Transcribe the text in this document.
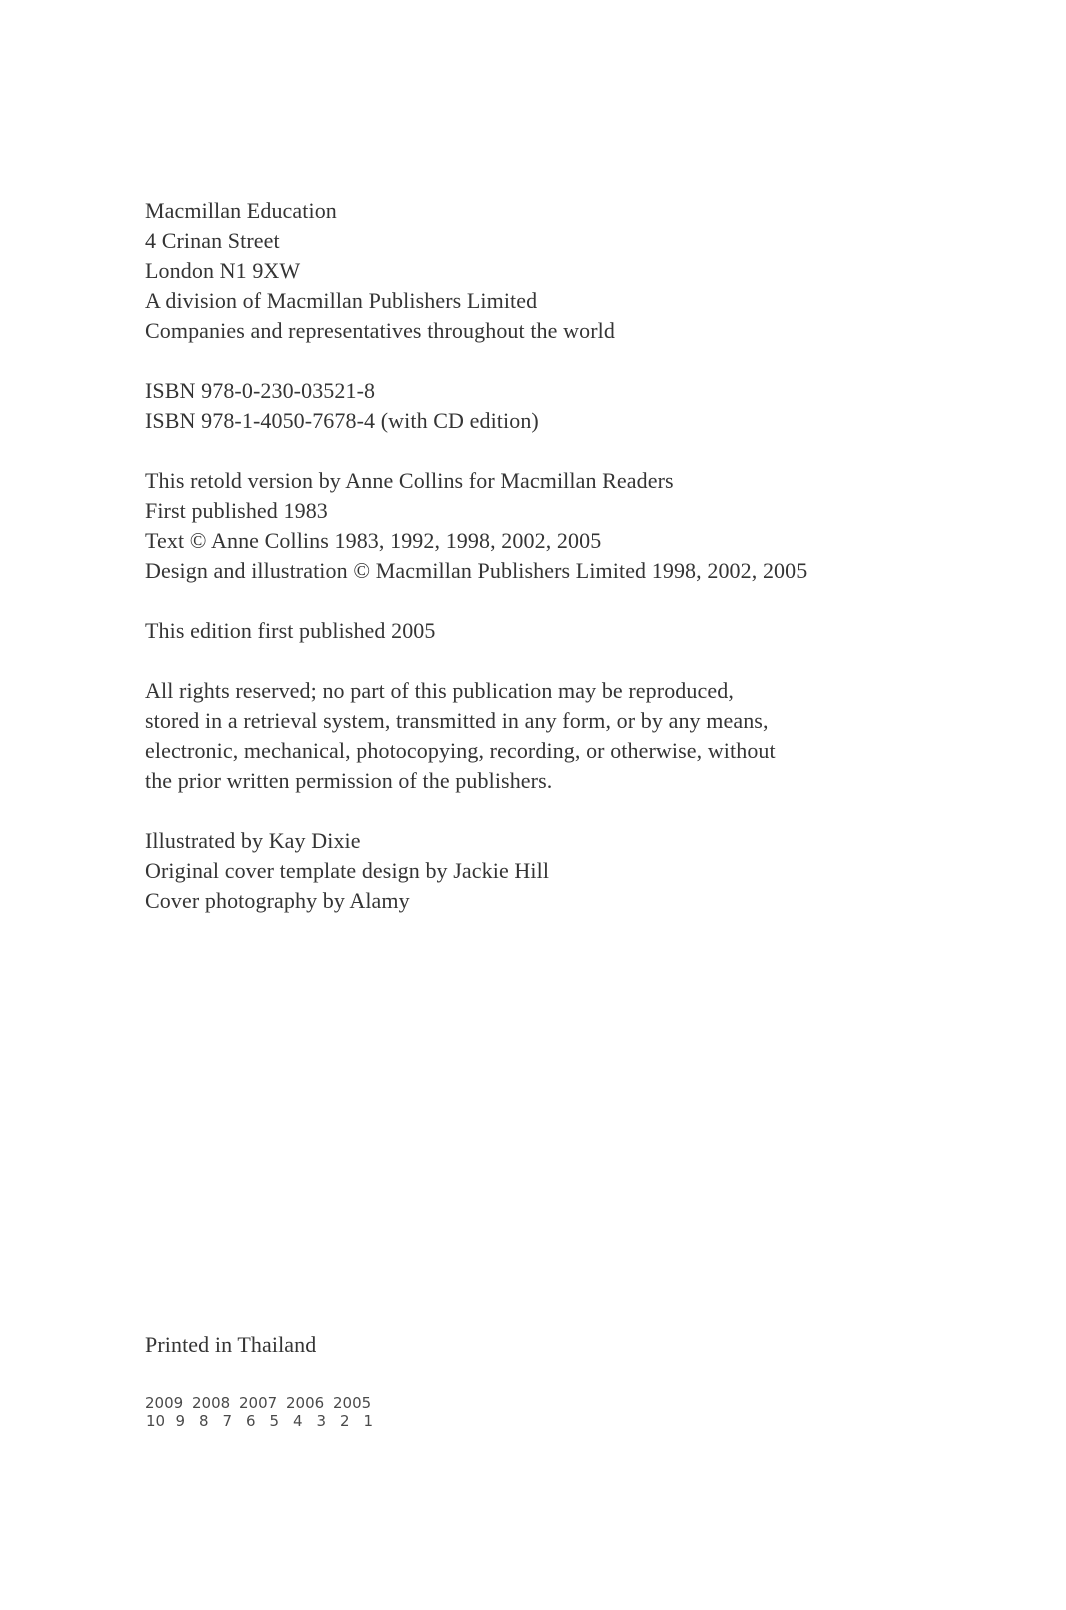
Macmillan Education
4 Crinan Street
London N1 9XW
A division of Macmillan Publishers Limited
Companies and representatives throughout the world
ISBN 978-0-230-03521-8
ISBN 978-1-4050-7678-4 (with CD edition)
This retold version by Anne Collins for Macmillan Readers
First published 1983
Text © Anne Collins 1983, 1992, 1998, 2002, 2005
Design and illustration © Macmillan Publishers Limited 1998, 2002, 2005
This edition first published 2005
All rights reserved; no part of this publication may be reproduced,
stored in a retrieval system, transmitted in any form, or by any means,
electronic, mechanical, photocopying, recording, or otherwise, without
the prior written permission of the publishers.
Illustrated by Kay Dixie
Original cover template design by Jackie Hill
Cover photography by Alamy
Printed in Thailand
2009 2008 2007 2006 2005
10 9 8 7 6 5 4 3 2 1
